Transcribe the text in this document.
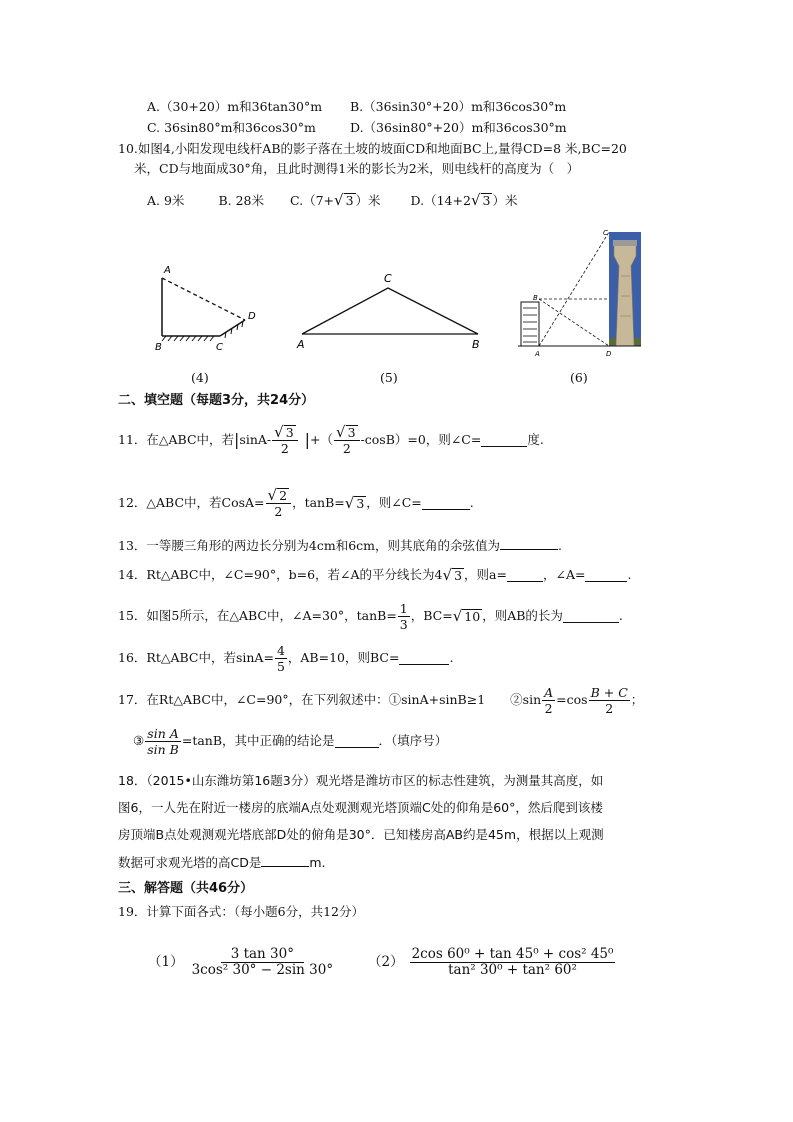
A.（30+20）m和36tan30°m B.（36sin30°+20）m和36cos30°m
C. 36sin80°m和36cos30°m	D.（36sin80°+20）m和36cos30°m
10.如图4,小阳发现电线杆AB的影子落在土坡的坡面CD和地面BC上,量得CD=8 米,BC=20
米，CD与地面成30°角，且此时测得1米的影长为2米，则电线杆的高度为（　）
A. 9米	B. 28米 C.（7+ √ 3 ）米 D.（14+2 √ 3 ）米
A
B	C
D
(4)
C
A	B
(5)
B
A
C
D
(6)
二、填空题（每题3分，共24分）
11．在△ABC中，若 | $\sin A- \frac{√ 3}{2}$ | +（ $\frac{√ 3}{2} -\cos B)=0$，则∠C=	度.
12．△ABC中，若CosA= $\frac{√ 2}{2}$ ，tanB= √ 3 ，则∠C=	.
13．一等腰三角形的两边长分别为4cm和6cm，则其底角的余弦值为	.
14．Rt△ABC中，∠C=90°，b=6，若∠A的平分线长为4 √ 3 ，则a=	，∠A=	.
15．如图5所示，在△ABC中，∠A=30°，$\tan B= \frac{1}{3}$ ，BC= √ 10 ，则AB的长为	.
16．Rt△ABC中，若$\sin A= \frac{4}{5}$ ，AB=10，则BC=	.
17．在Rt△ABC中，∠C=90°，在下列叙述中：①sinA+sinB≥1　　②sin $\frac{A}{2} =\cos \frac{B + C}{2}$ ；
③ $\frac{\text{sin A}}{\text{sin B}} =\tan B$，其中正确的结论是	．（填序号）
18．（2015•山东潍坊第16题3分）观光塔是潍坊市区的标志性建筑，为测量其高度，如
图6，一人先在附近一楼房的底端A点处观测观光塔顶端C处的仰角是60°，然后爬到该楼
房顶端B点处观测观光塔底部D处的俯角是30°．已知楼房高AB约是45m，根据以上观测
数据可求观光塔的高CD是	m.
三、解答题（共46分）
19．计算下面各式：（每小题6分，共12分）
$(1) \frac{3 \tan 30^\circ}{\text{3cos² 30° − 2sin 30°}} (2) \frac{\text{2cos 60⁰ + tan 45⁰ + cos² 45⁰}}{\text{tan² 30⁰ + tan² 60²}}$
